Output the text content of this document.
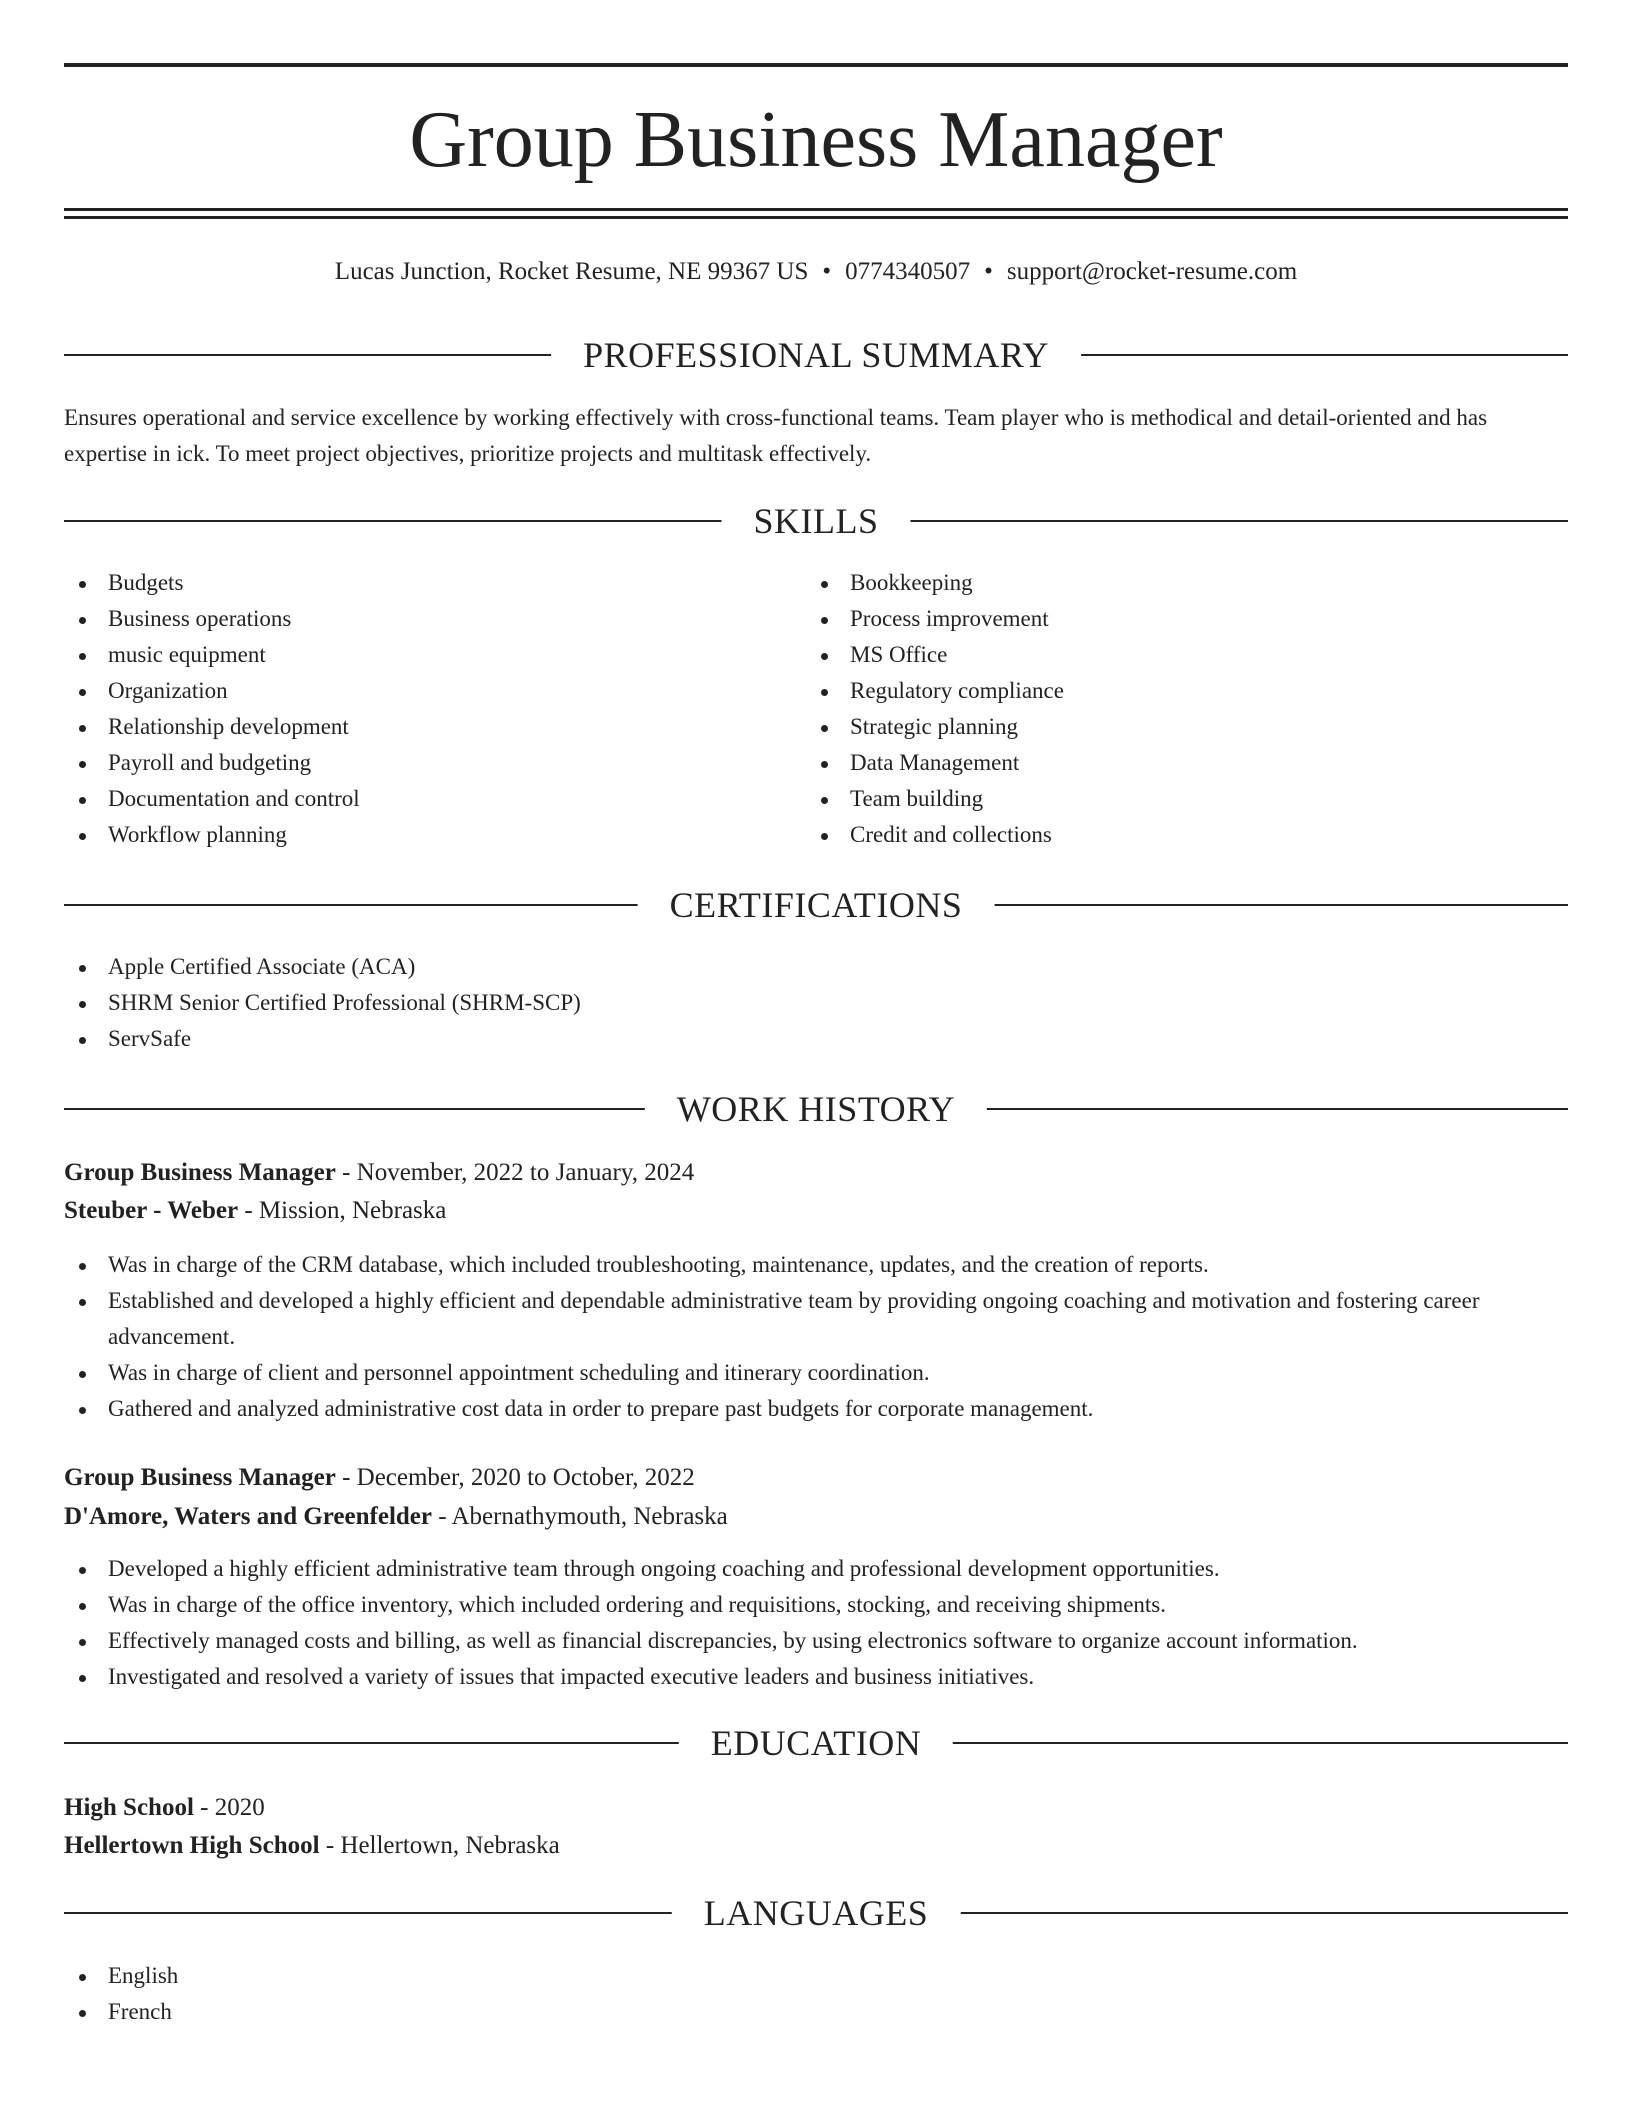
Group Business Manager
Lucas Junction, Rocket Resume, NE 99367 US • 0774340507 • support@rocket-resume.com
PROFESSIONAL SUMMARY

Ensures operational and service excellence by working effectively with cross-functional teams. Team player who is methodical and detail-oriented and has expertise in ick. To meet project objectives, prioritize projects and multitask effectively.

SKILLS
Budgets
Business operations
music equipment
Organization
Relationship development
Payroll and budgeting
Documentation and control
Workflow planning
Bookkeeping
Process improvement
MS Office
Regulatory compliance
Strategic planning
Data Management
Team building
Credit and collections
CERTIFICATIONS
Apple Certified Associate (ACA)
SHRM Senior Certified Professional (SHRM-SCP)
ServSafe
WORK HISTORY
Group Business Manager - November, 2022 to January, 2024
Steuber - Weber - Mission, Nebraska
Was in charge of the CRM database, which included troubleshooting, maintenance, updates, and the creation of reports.
Established and developed a highly efficient and dependable administrative team by providing ongoing coaching and motivation and fostering career advancement.
Was in charge of client and personnel appointment scheduling and itinerary coordination.
Gathered and analyzed administrative cost data in order to prepare past budgets for corporate management.
Group Business Manager - December, 2020 to October, 2022
D'Amore, Waters and Greenfelder - Abernathymouth, Nebraska
Developed a highly efficient administrative team through ongoing coaching and professional development opportunities.
Was in charge of the office inventory, which included ordering and requisitions, stocking, and receiving shipments.
Effectively managed costs and billing, as well as financial discrepancies, by using electronics software to organize account information.
Investigated and resolved a variety of issues that impacted executive leaders and business initiatives.
EDUCATION
High School - 2020
Hellertown High School - Hellertown, Nebraska
LANGUAGES
English
French
